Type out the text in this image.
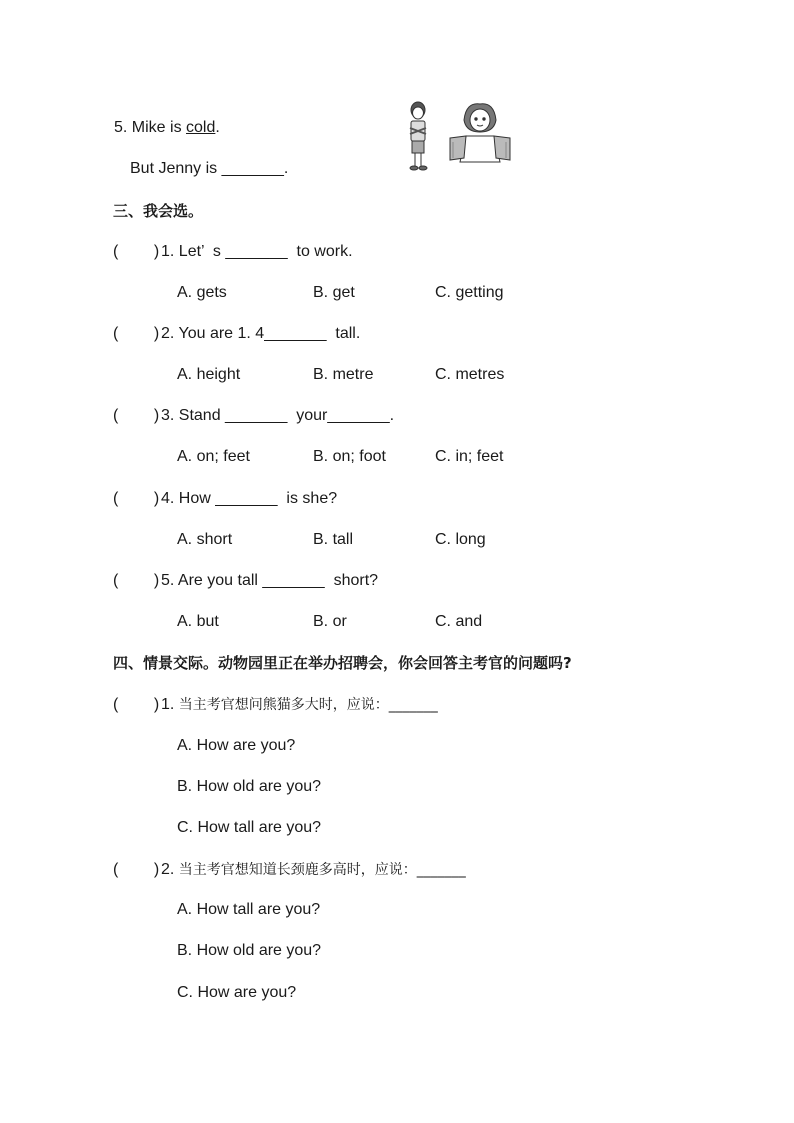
5. Mike is cold.
But Jenny is _______.
三、我会选。
(        ) 1. Let’  s _______  to work.
A. gets	B. get	C. getting
(        ) 2. You are 1. 4_______  tall.
A. height	B. metre	C. metres
(        ) 3. Stand _______  your_______.
A. on; feet	B. on; foot	C. in; feet
(        ) 4. How _______  is she?
A. short	B. tall	C. long
(        ) 5. Are you tall _______  short?
A. but	B. or	C. and
四、情景交际。动物园里正在举办招聘会，你会回答主考官的问题吗?
(        ) 1. 当主考官想问熊猫多大时，应说：_______
A. How are you?
B. How old are you?
C. How tall are you?
(        ) 2. 当主考官想知道长颈鹿多高时，应说：_______
A. How tall are you?
B. How old are you?
C. How are you?
